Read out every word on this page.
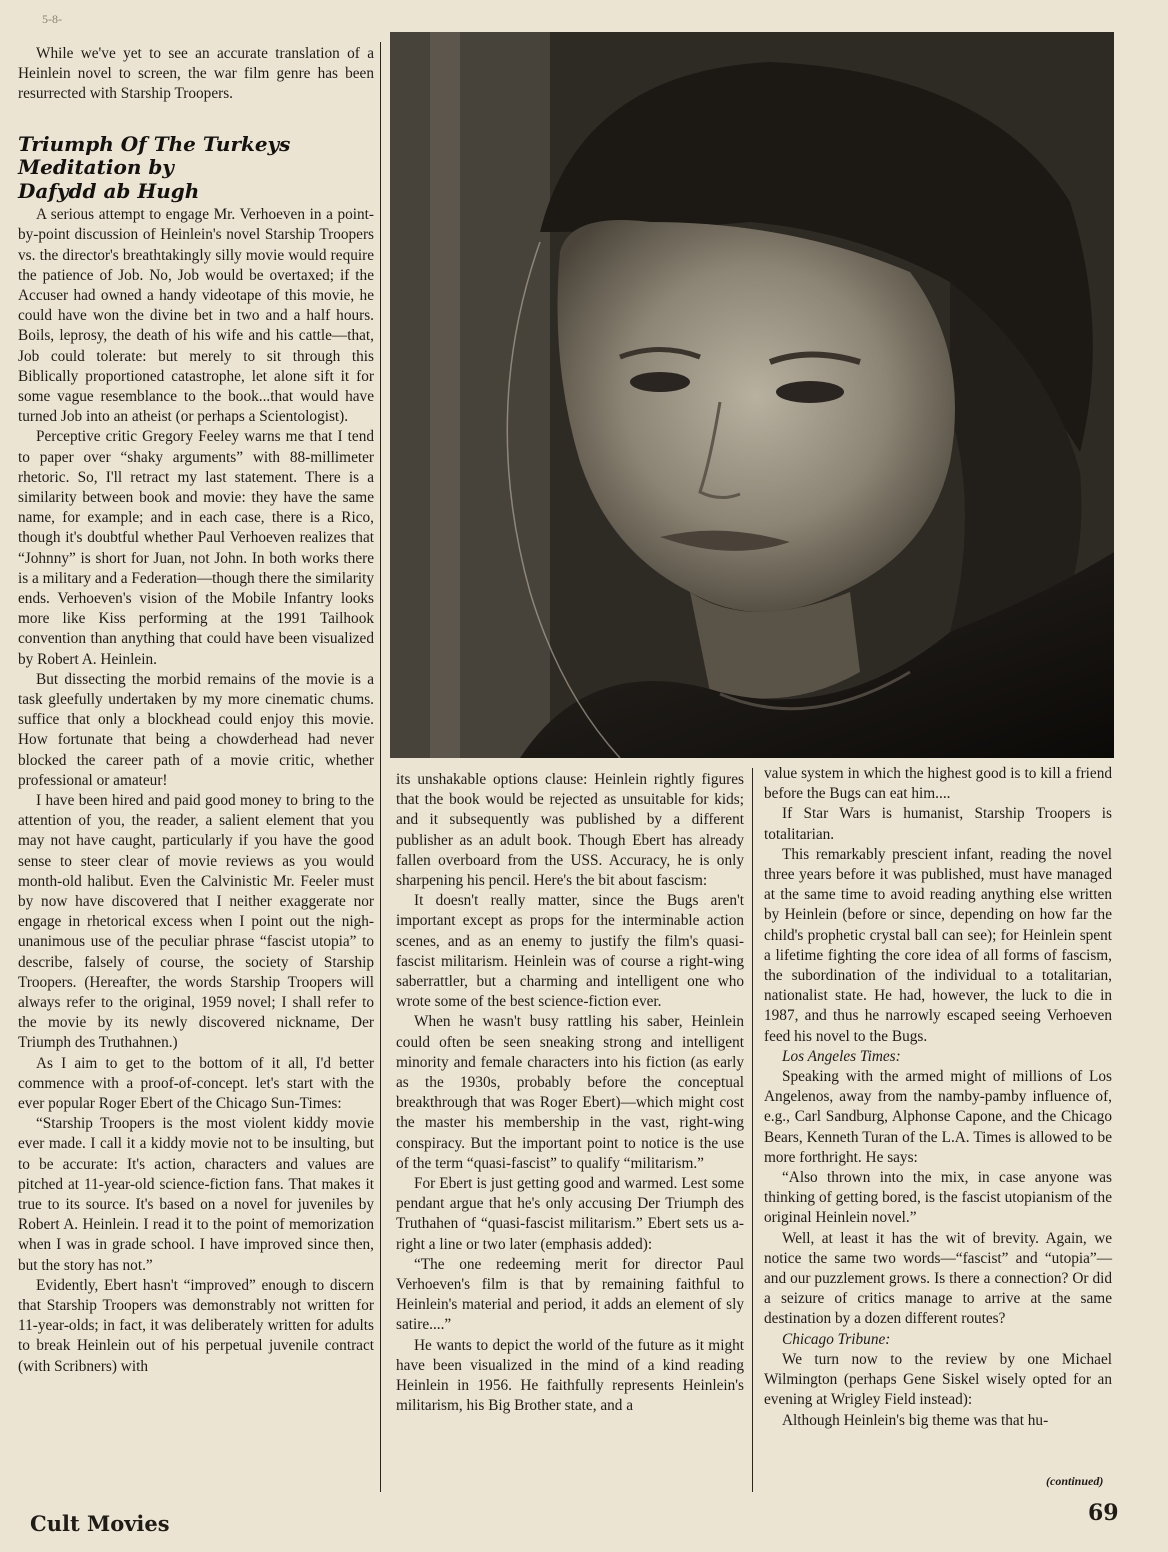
5-8-

While we've yet to see an accurate translation of a Heinlein novel to screen, the war film genre has been resurrected with Starship Troopers.

Triumph Of The Turkeys
Meditation by
Dafydd ab Hugh

A serious attempt to engage Mr. Verhoeven in a point-by-point discussion of Heinlein's novel Starship Troopers vs. the director's breathtakingly silly movie would require the patience of Job. No, Job would be overtaxed; if the Accuser had owned a handy videotape of this movie, he could have won the divine bet in two and a half hours. Boils, leprosy, the death of his wife and his cattle—that, Job could tolerate: but merely to sit through this Biblically proportioned catastrophe, let alone sift it for some vague resemblance to the book...that would have turned Job into an atheist (or perhaps a Scientologist).

Perceptive critic Gregory Feeley warns me that I tend to paper over “shaky arguments” with 88-millimeter rhetoric. So, I'll retract my last statement. There is a similarity between book and movie: they have the same name, for example; and in each case, there is a Rico, though it's doubtful whether Paul Verhoeven realizes that “Johnny” is short for Juan, not John. In both works there is a military and a Federation—though there the similarity ends. Verhoeven's vision of the Mobile Infantry looks more like Kiss performing at the 1991 Tailhook convention than anything that could have been visualized by Robert A. Heinlein.

But dissecting the morbid remains of the movie is a task gleefully undertaken by my more cinematic chums. suffice that only a blockhead could enjoy this movie. How fortunate that being a chowderhead had never blocked the career path of a movie critic, whether professional or amateur!

I have been hired and paid good money to bring to the attention of you, the reader, a salient element that you may not have caught, particularly if you have the good sense to steer clear of movie reviews as you would month-old halibut. Even the Calvinistic Mr. Feeler must by now have discovered that I neither exaggerate nor engage in rhetorical excess when I point out the nigh-unanimous use of the peculiar phrase “fascist utopia” to describe, falsely of course, the society of Starship Troopers. (Hereafter, the words Starship Troopers will always refer to the original, 1959 novel; I shall refer to the movie by its newly discovered nickname, Der Triumph des Truthahnen.)

As I aim to get to the bottom of it all, I'd better commence with a proof-of-concept. let's start with the ever popular Roger Ebert of the Chicago Sun-Times:

“Starship Troopers is the most violent kiddy movie ever made. I call it a kiddy movie not to be insulting, but to be accurate: It's action, characters and values are pitched at 11-year-old science-fiction fans. That makes it true to its source. It's based on a novel for juveniles by Robert A. Heinlein. I read it to the point of memorization when I was in grade school. I have improved since then, but the story has not.”

Evidently, Ebert hasn't “improved” enough to discern that Starship Troopers was demonstrably not written for 11-year-olds; in fact, it was deliberately written for adults to break Heinlein out of his perpetual juvenile contract (with Scribners) with

its unshakable options clause: Heinlein rightly figures that the book would be rejected as unsuitable for kids; and it subsequently was published by a different publisher as an adult book. Though Ebert has already fallen overboard from the USS. Accuracy, he is only sharpening his pencil. Here's the bit about fascism:

It doesn't really matter, since the Bugs aren't important except as props for the interminable action scenes, and as an enemy to justify the film's quasi-fascist militarism. Heinlein was of course a right-wing saberrattler, but a charming and intelligent one who wrote some of the best science-fiction ever.

When he wasn't busy rattling his saber, Heinlein could often be seen sneaking strong and intelligent minority and female characters into his fiction (as early as the 1930s, probably before the conceptual breakthrough that was Roger Ebert)—which might cost the master his membership in the vast, right-wing conspiracy. But the important point to notice is the use of the term “quasi-fascist” to qualify “militarism.”

For Ebert is just getting good and warmed. Lest some pendant argue that he's only accusing Der Triumph des Truthahen of “quasi-fascist militarism.” Ebert sets us a-right a line or two later (emphasis added):

“The one redeeming merit for director Paul Verhoeven's film is that by remaining faithful to Heinlein's material and period, it adds an element of sly satire....”

He wants to depict the world of the future as it might have been visualized in the mind of a kind reading Heinlein in 1956. He faithfully represents Heinlein's militarism, his Big Brother state, and a

value system in which the highest good is to kill a friend before the Bugs can eat him....

If Star Wars is humanist, Starship Troopers is totalitarian.

This remarkably prescient infant, reading the novel three years before it was published, must have managed at the same time to avoid reading anything else written by Heinlein (before or since, depending on how far the child's prophetic crystal ball can see); for Heinlein spent a lifetime fighting the core idea of all forms of fascism, the subordination of the individual to a totalitarian, nationalist state. He had, however, the luck to die in 1987, and thus he narrowly escaped seeing Verhoeven feed his novel to the Bugs.

Los Angeles Times:

Speaking with the armed might of millions of Los Angelenos, away from the namby-pamby influence of, e.g., Carl Sandburg, Alphonse Capone, and the Chicago Bears, Kenneth Turan of the L.A. Times is allowed to be more forthright. He says:

“Also thrown into the mix, in case anyone was thinking of getting bored, is the fascist utopianism of the original Heinlein novel.”

Well, at least it has the wit of brevity. Again, we notice the same two words—“fascist” and “utopia”—and our puzzlement grows. Is there a connection? Or did a seizure of critics manage to arrive at the same destination by a dozen different routes?

Chicago Tribune:

We turn now to the review by one Michael Wilmington (perhaps Gene Siskel wisely opted for an evening at Wrigley Field instead):

Although Heinlein's big theme was that hu-

(continued)
Cult Movies	69
